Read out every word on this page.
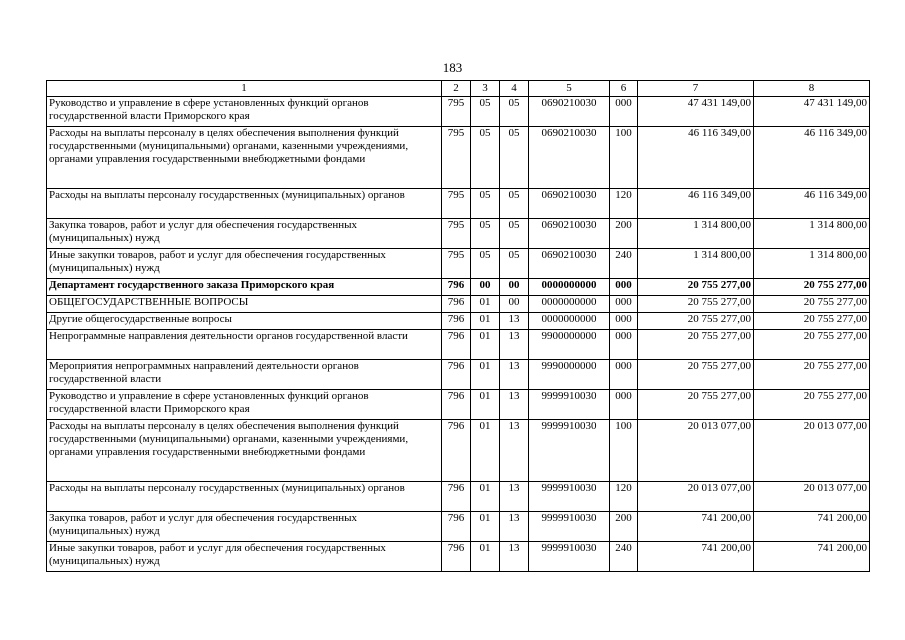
183
1	2	3	4	5	6	7	8
Руководство и управление в сфере установленных функций органов государственной власти Приморского края	795	05	05	0690210030	000	47 431 149,00	47 431 149,00
Расходы на выплаты персоналу в целях обеспечения выполнения функций государственными (муниципальными) органами, казенными учреждениями, органами управления государственными внебюджетными фондами	795	05	05	0690210030	100	46 116 349,00	46 116 349,00
Расходы на выплаты персоналу государственных (муниципальных) органов	795	05	05	0690210030	120	46 116 349,00	46 116 349,00
Закупка товаров, работ и услуг для обеспечения государственных (муниципальных) нужд	795	05	05	0690210030	200	1 314 800,00	1 314 800,00
Иные закупки товаров, работ и услуг для обеспечения государственных (муниципальных) нужд	795	05	05	0690210030	240	1 314 800,00	1 314 800,00
Департамент государственного заказа Приморского края	796	00	00	0000000000	000	20 755 277,00	20 755 277,00
ОБЩЕГОСУДАРСТВЕННЫЕ ВОПРОСЫ	796	01	00	0000000000	000	20 755 277,00	20 755 277,00
Другие общегосударственные вопросы	796	01	13	0000000000	000	20 755 277,00	20 755 277,00
Непрограммные направления деятельности органов государственной власти	796	01	13	9900000000	000	20 755 277,00	20 755 277,00
Мероприятия непрограммных направлений деятельности органов государственной власти	796	01	13	9990000000	000	20 755 277,00	20 755 277,00
Руководство и управление в сфере установленных функций органов государственной власти Приморского края	796	01	13	9999910030	000	20 755 277,00	20 755 277,00
Расходы на выплаты персоналу в целях обеспечения выполнения функций государственными (муниципальными) органами, казенными учреждениями, органами управления государственными внебюджетными фондами	796	01	13	9999910030	100	20 013 077,00	20 013 077,00
Расходы на выплаты персоналу государственных (муниципальных) органов	796	01	13	9999910030	120	20 013 077,00	20 013 077,00
Закупка товаров, работ и услуг для обеспечения государственных (муниципальных) нужд	796	01	13	9999910030	200	741 200,00	741 200,00
Иные закупки товаров, работ и услуг для обеспечения государственных (муниципальных) нужд	796	01	13	9999910030	240	741 200,00	741 200,00
